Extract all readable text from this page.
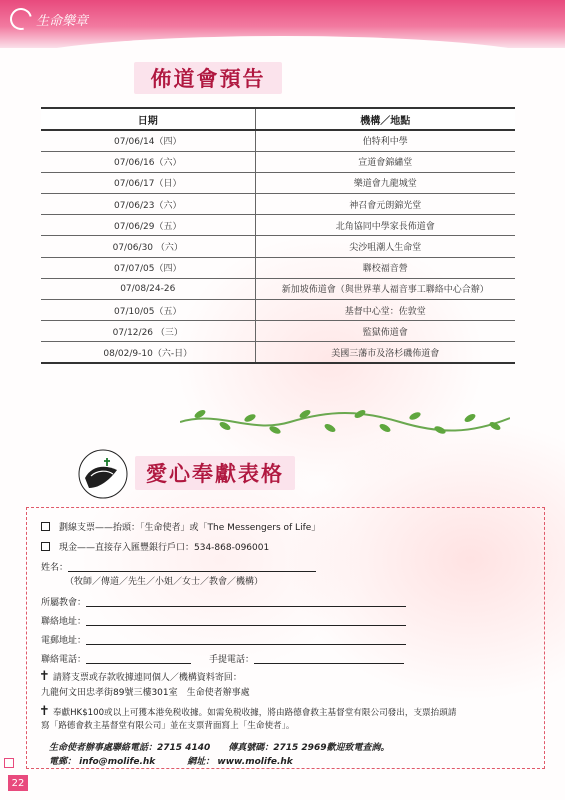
生命樂章
佈道會預告
日期	機構／地點
07/06/14（四）	伯特利中學
07/06/16（六）	宣道會錦繡堂
07/06/17（日）	樂道會九龍城堂
07/06/23（六）	神召會元朗錦光堂
07/06/29（五）	北角協同中學家長佈道會
07/06/30 （六）	尖沙咀潮人生命堂
07/07/05（四）	聯校福音營
07/08/24-26	新加坡佈道會（與世界華人福音事工聯絡中心合辦）
07/10/05（五）	基督中心堂：佐敦堂
07/12/26 （三）	監獄佈道會
08/02/9-10（六-日）	美國三藩市及洛杉磯佈道會
愛心奉獻表格
劃線支票——抬頭：「生命使者」或「The Messengers of Life」
現金——直接存入匯豐銀行戶口：534-868-096001
姓名：
（牧師／傳道／先生／小姐／女士／教會／機構）
所屬教會：
聯絡地址：
電郵地址：
聯絡電話：	手提電話：
✝ 請將支票或存款收據連同個人／機構資料寄回：
九龍何文田忠孝街89號三樓301室　生命使者辦事處
✝ 奉獻HK$100或以上可獲本港免税收據。如需免税收據，將由路德會救主基督堂有限公司發出，支票抬頭請
寫「路德會救主基督堂有限公司」並在支票背面寫上「生命使者」。
生命使者辦事處聯絡電話：2715 4140　　傳真號碼：2715 2969歡迎致電查詢。
電郵： info@molife.hk	網址： www.molife.hk
22
